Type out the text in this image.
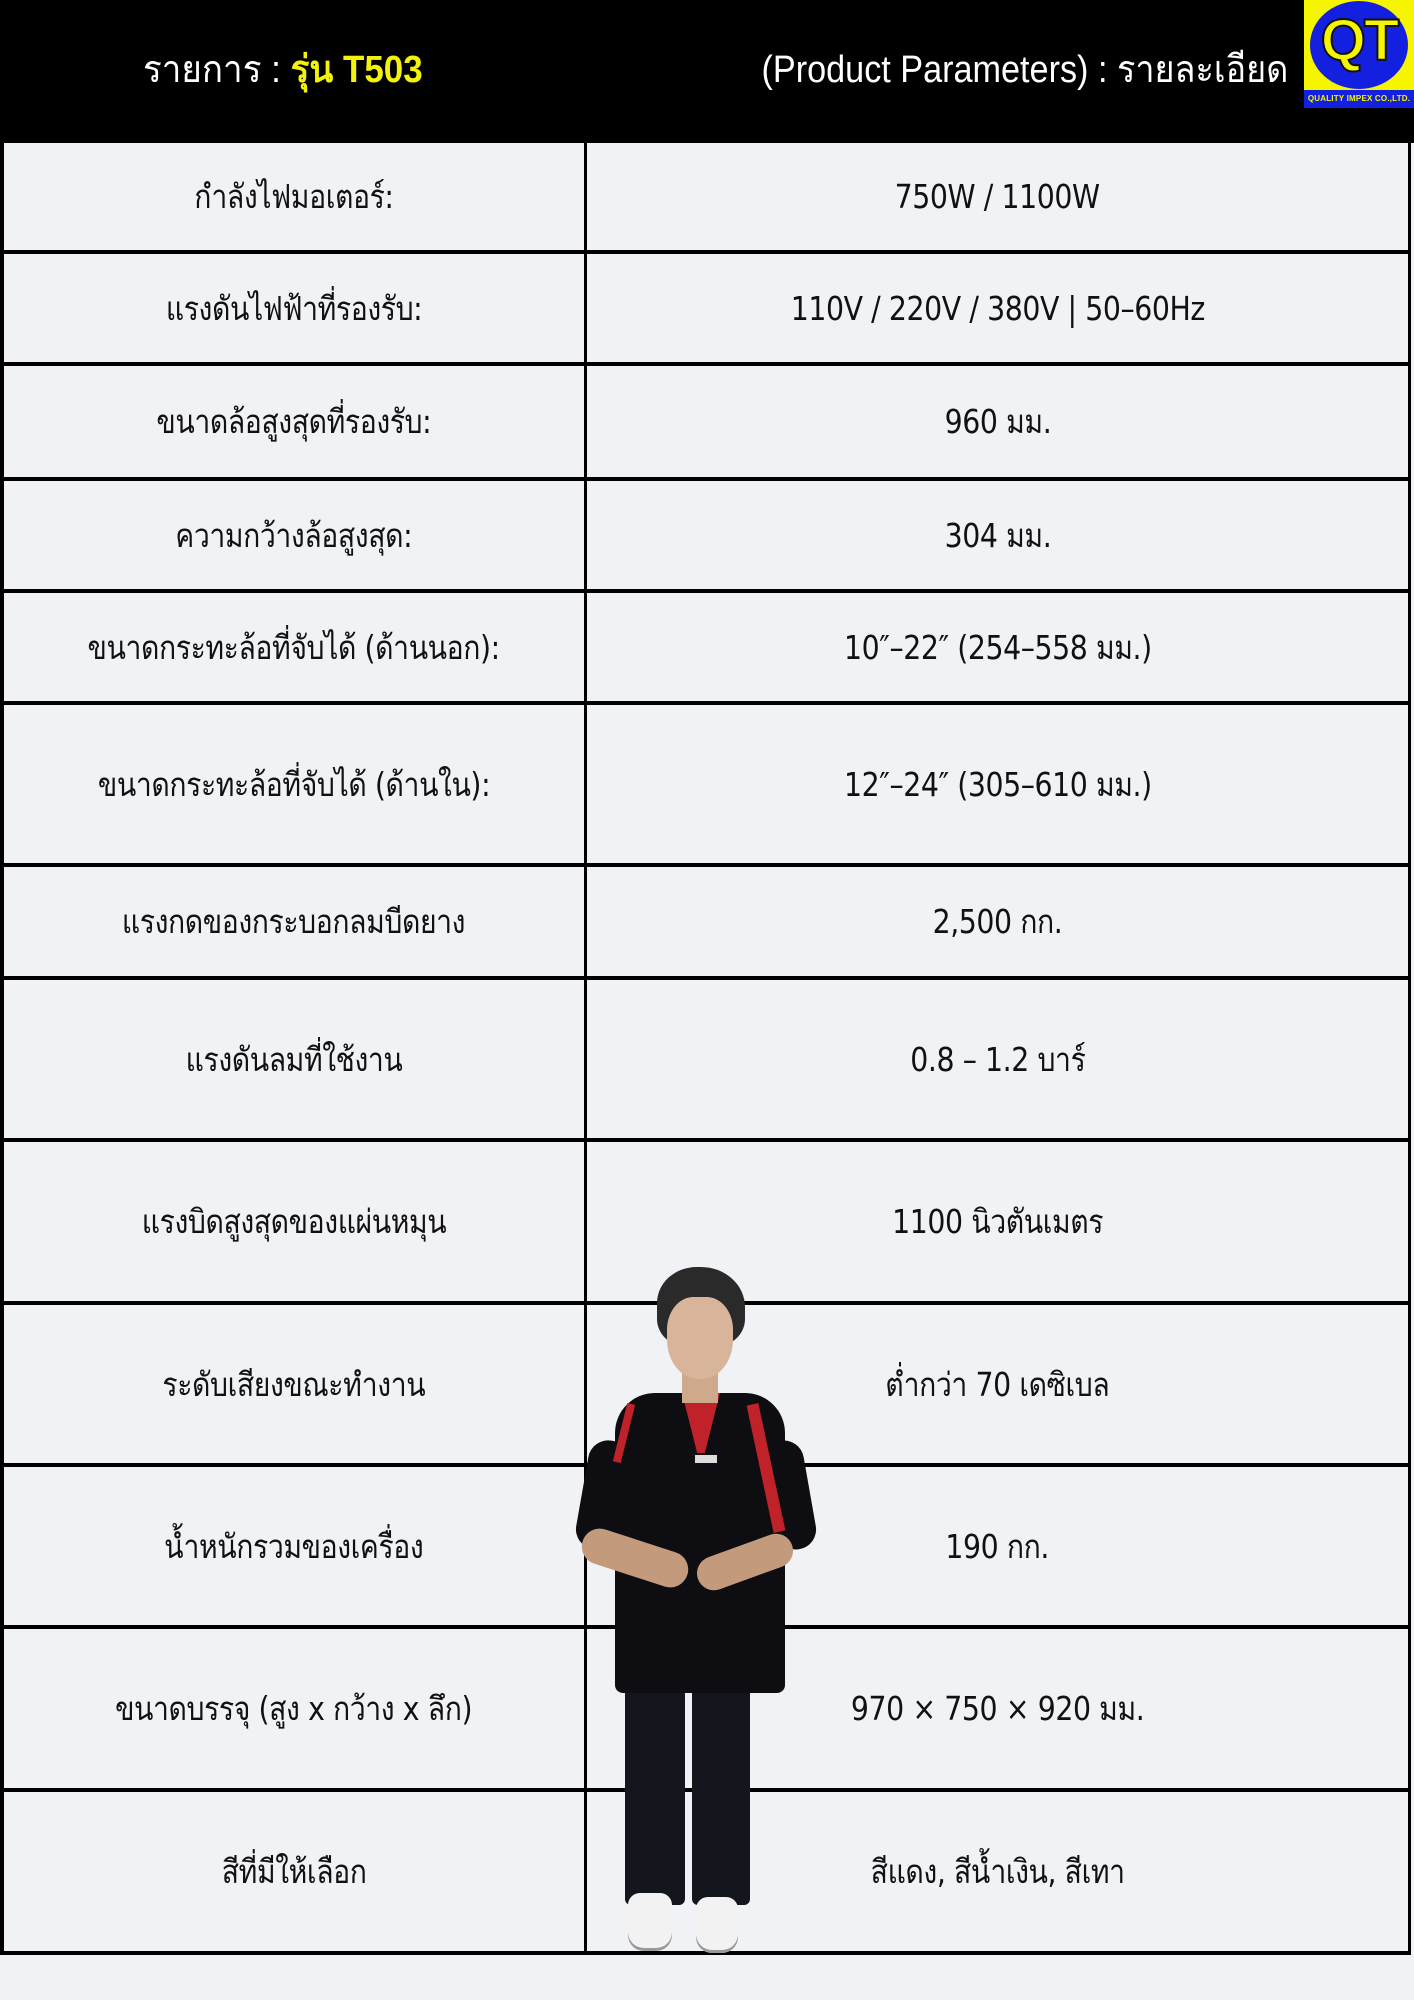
รายการ : รุ่น T503	(Product Parameters) : รายละเอียด QT
QUALITY IMPEX CO.,LTD.
กำลังไฟมอเตอร์:	750W / 1100W
แรงดันไฟฟ้าที่รองรับ:	110V / 220V / 380V | 50–60Hz
ขนาดล้อสูงสุดที่รองรับ:	960 มม.
ความกว้างล้อสูงสุด:	304 มม.
ขนาดกระทะล้อที่จับได้ (ด้านนอก):	10″–22″ (254–558 มม.)
ขนาดกระทะล้อที่จับได้ (ด้านใน):	12″–24″ (305–610 มม.)
แรงกดของกระบอกลมบีดยาง	2,500 กก.
แรงดันลมที่ใช้งาน	0.8 – 1.2 บาร์
แรงบิดสูงสุดของแผ่นหมุน	1100 นิวตันเมตร
ระดับเสียงขณะทำงาน	ต่ำกว่า 70 เดซิเบล
น้ำหนักรวมของเครื่อง	190 กก.
ขนาดบรรจุ (สูง x กว้าง x ลึก)	970 × 750 × 920 มม.
สีที่มีให้เลือก	สีแดง, สีน้ำเงิน, สีเทา
